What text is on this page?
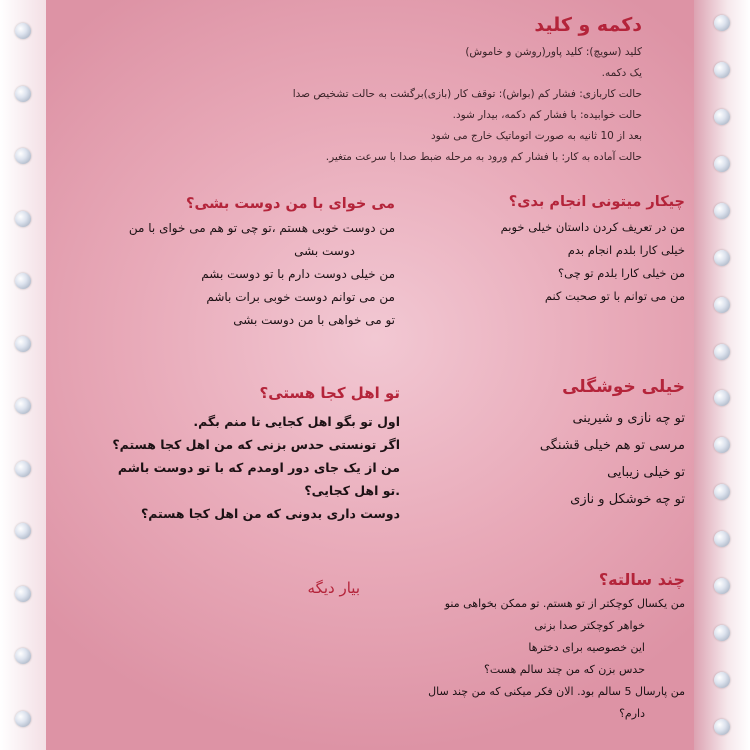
دکمه و کلید
کلید (سویچ): کلید پاور(روشن و خاموش)
یک دکمه.
حالت کاربازی: فشار کم (بواش): توقف کار (بازی)برگشت به حالت تشخیص صدا
حالت خوابیده: با فشار کم دکمه، بیدار شود.
بعد از 10 ثانیه به صورت اتوماتیک خارج می شود
حالت آماده به کار: با فشار کم ورود به مرحله ضبط صدا با سرعت متغیر.
چیکار میتونی انجام بدی؟
من در تعریف کردن داستان خیلی خوبم
خیلی کارا بلدم انجام بدم
من خیلی کارا بلدم تو چی؟
من می توانم با تو صحبت کنم
می خوای با من دوست بشی؟
من دوست خوبی هستم ،تو چی تو هم می خوای با من
دوست بشی
من خیلی دوست دارم با تو دوست بشم
من می توانم دوست خوبی برات باشم
تو می خواهی با من دوست بشی
خیلی خوشگلی
تو چه نازی و شیرینی
مرسی تو هم خیلی قشنگی
تو خیلی زیبایی
تو چه خوشکل و نازی
تو اهل کجا هستی؟
اول تو بگو اهل کجایی تا منم بگم.
اگر تونستی حدس بزنی که من اهل کجا هستم؟
من از یک جای دور اومدم که با تو دوست باشم
.تو اهل کجایی؟
دوست داری بدونی که من اهل کجا هستم؟
چند سالته؟
من یکسال کوچکتر از تو هستم. تو ممکن بخواهی منو
خواهر کوچکتر صدا بزنی
این خصوصیه برای دخترها
حدس بزن که من چند سالم هست؟
من پارسال 5 سالم بود. الان فکر میکنی که من چند سال
دارم؟
بیار دیگه
